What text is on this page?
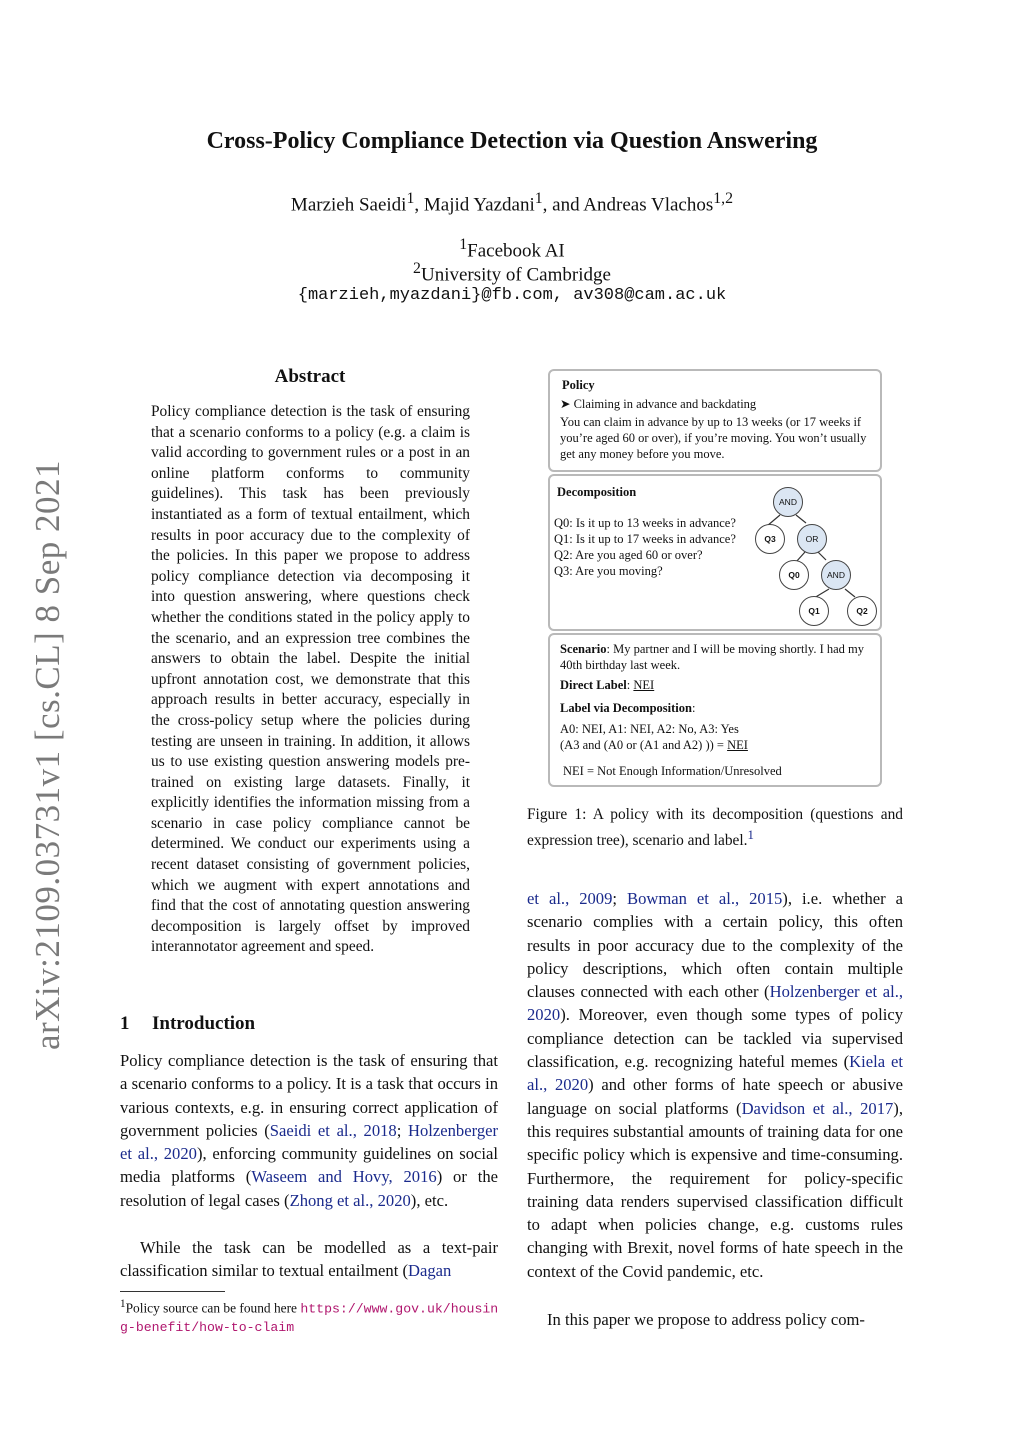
arXiv:2109.03731v1 [cs.CL] 8 Sep 2021
Cross-Policy Compliance Detection via Question Answering
Marzieh Saeidi$^1$, Majid Yazdani$^1$, and Andreas Vlachos$^{1,2}$
$^1$Facebook AI
$^2$University of Cambridge
{marzieh,myazdani}@fb.com, av308@cam.ac.uk
Abstract
Policy compliance detection is the task of ensuring that a scenario conforms to a policy (e.g. a claim is valid according to government rules or a post in an online platform conforms to community guidelines). This task has been previously instantiated as a form of textual entailment, which results in poor accuracy due to the complexity of the policies. In this paper we propose to address policy compliance detection via decomposing it into question answering, where questions check whether the conditions stated in the policy apply to the scenario, and an expression tree combines the answers to obtain the label. Despite the initial upfront annotation cost, we demonstrate that this approach results in better accuracy, especially in the cross-policy setup where the policies during testing are unseen in training. In addition, it allows us to use existing question answering models pre-trained on existing large datasets. Finally, it explicitly identifies the information missing from a scenario in case policy compliance cannot be determined. We conduct our experiments using a recent dataset consisting of government policies, which we augment with expert annotations and find that the cost of annotating question answering decomposition is largely offset by improved interannotator agreement and speed.
1 Introduction
Policy compliance detection is the task of ensuring that a scenario conforms to a policy. It is a task that occurs in various contexts, e.g. in ensuring correct application of government policies (Saeidi et al., 2018; Holzenberger et al., 2020), enforcing community guidelines on social media platforms (Waseem and Hovy, 2016) or the resolution of legal cases (Zhong et al., 2020), etc.
While the task can be modelled as a text-pair classification similar to textual entailment (Dagan
$^1$Policy source can be found here https://www.gov.uk/housing-benefit/how-to-claim
Policy
➤ Claiming in advance and backdating
You can claim in advance by up to 13 weeks (or 17 weeks if you’re aged 60 or over), if you’re moving. You won’t usually get any money before you move.
Decomposition
Q0: Is it up to 13 weeks in advance?
Q1: Is it up to 17 weeks in advance?
Q2: Are you aged 60 or over?
Q3: Are you moving?
AND
Q3	OR
Q0	AND
Q1	Q2
Scenario: My partner and I will be moving shortly. I had my 40th birthday last week.
Direct Label: NEI
Label via Decomposition:
A0: NEI, A1: NEI, A2: No, A3: Yes
(A3 and (A0 or (A1 and A2) )) = NEI
NEI = Not Enough Information/Unresolved
Figure 1: A policy with its decomposition (questions and expression tree), scenario and label.$^1$
et al., 2009; Bowman et al., 2015), i.e. whether a scenario complies with a certain policy, this often results in poor accuracy due to the complexity of the policy descriptions, which often contain multiple clauses connected with each other (Holzenberger et al., 2020). Moreover, even though some types of policy compliance detection can be tackled via supervised classification, e.g. recognizing hateful memes (Kiela et al., 2020) and other forms of hate speech or abusive language on social platforms (Davidson et al., 2017), this requires substantial amounts of training data for one specific policy which is expensive and time-consuming. Furthermore, the requirement for policy-specific training data renders supervised classification difficult to adapt when policies change, e.g. customs rules changing with Brexit, novel forms of hate speech in the context of the Covid pandemic, etc.
In this paper we propose to address policy com-
